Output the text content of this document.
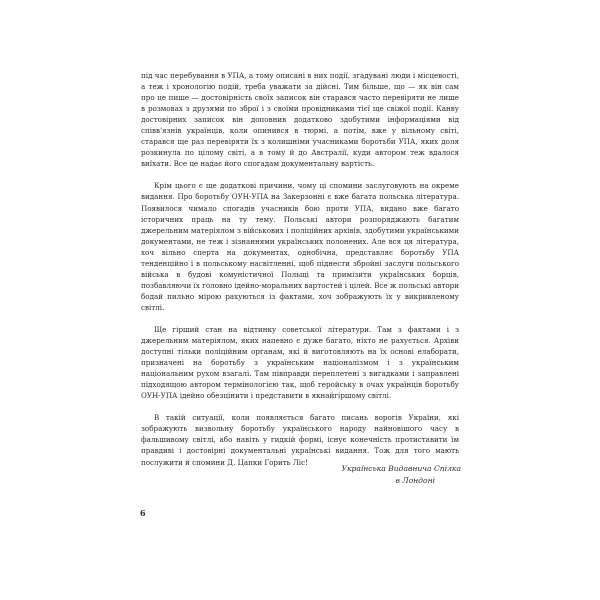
під час перебування в УПА, а тому описані в них події, згадувані люди і місцевості, а теж і хронологію подій, треба уважати за дійсні. Тим більше, що — як він сам про це пише — достовірність своїх записок він старався часто перевіряти не лише в розмовах з друзями по зброї і з своїми провідниками тієї ще свіжої події. Канву достовірних записок він доповнив додатково здобутими інформаціями від співв'язнів українців, коли опинився в тюрмі, а потім, вже у вільному світі, старався ще раз перевіряти їх з колишніми учасниками боротьби УПА, яких доля розкинула по цілому світі, а в тому й до Австралії, куди автором теж вдалося виїхати. Все це надає його спогадам документальну вартість.

Крім цього є ще додаткові причини, чому ці спомини заслуговують на окреме видання. Про боротьбу ОУН-УПА на Закерзонні є вже багата польська література. Появилося чимало спогадів учасників бою проти УПА, видано вже багато історичних праць на ту тему. Польські автори розпоряджають багатим джерельним матеріялом з військових і поліційних архівів, здобутими українськими документами, не теж і зізнаннями українських полонених. Але вся ця література, хоч вільно сперта на документах, однобічна, представляє боротьбу УПА тенденційно і в польському насвітленні, щоб піднести збройні заслуги польського війська в будові комуністичної Польщі та примізити українських борців, позбавляючи їх головно ідейно-моральних вартостей і цілей. Все ж польські автори бодай пильно мірою рахуються із фактами, хоч зображують їх у викривленому світлі.

Ще гірший стан на відтинку советської літератури. Там з фактами і з джерельним матеріялом, яких напевно є дуже багато, ніхто не рахується. Архіви доступні тільки поліційним органам, які й виготовляють на їх основі елаборати, призначені на боротьбу з українським націоналізмом і з українським національним рухом взагалі. Там півправди переплетені з вигадками і заправлені підходящою автором термінологією так, щоб геройську в очах українців боротьбу ОУН-УПА ідейно обезцінити і представити в якнайгіршому світлі.

В такій ситуації, коли появляється багато писань ворогів України, які зображують визвольну боротьбу українського народу найновішого часу в фальшивому світлі, або навіть у гидкій формі, існує конечність протиставити їм правдиві і достовірні документальні українські видання. Тож для того мають послужити й спомини Д. Цапки Горить Ліс!

Українська Видавнича Спілка

в Лондоні
6
